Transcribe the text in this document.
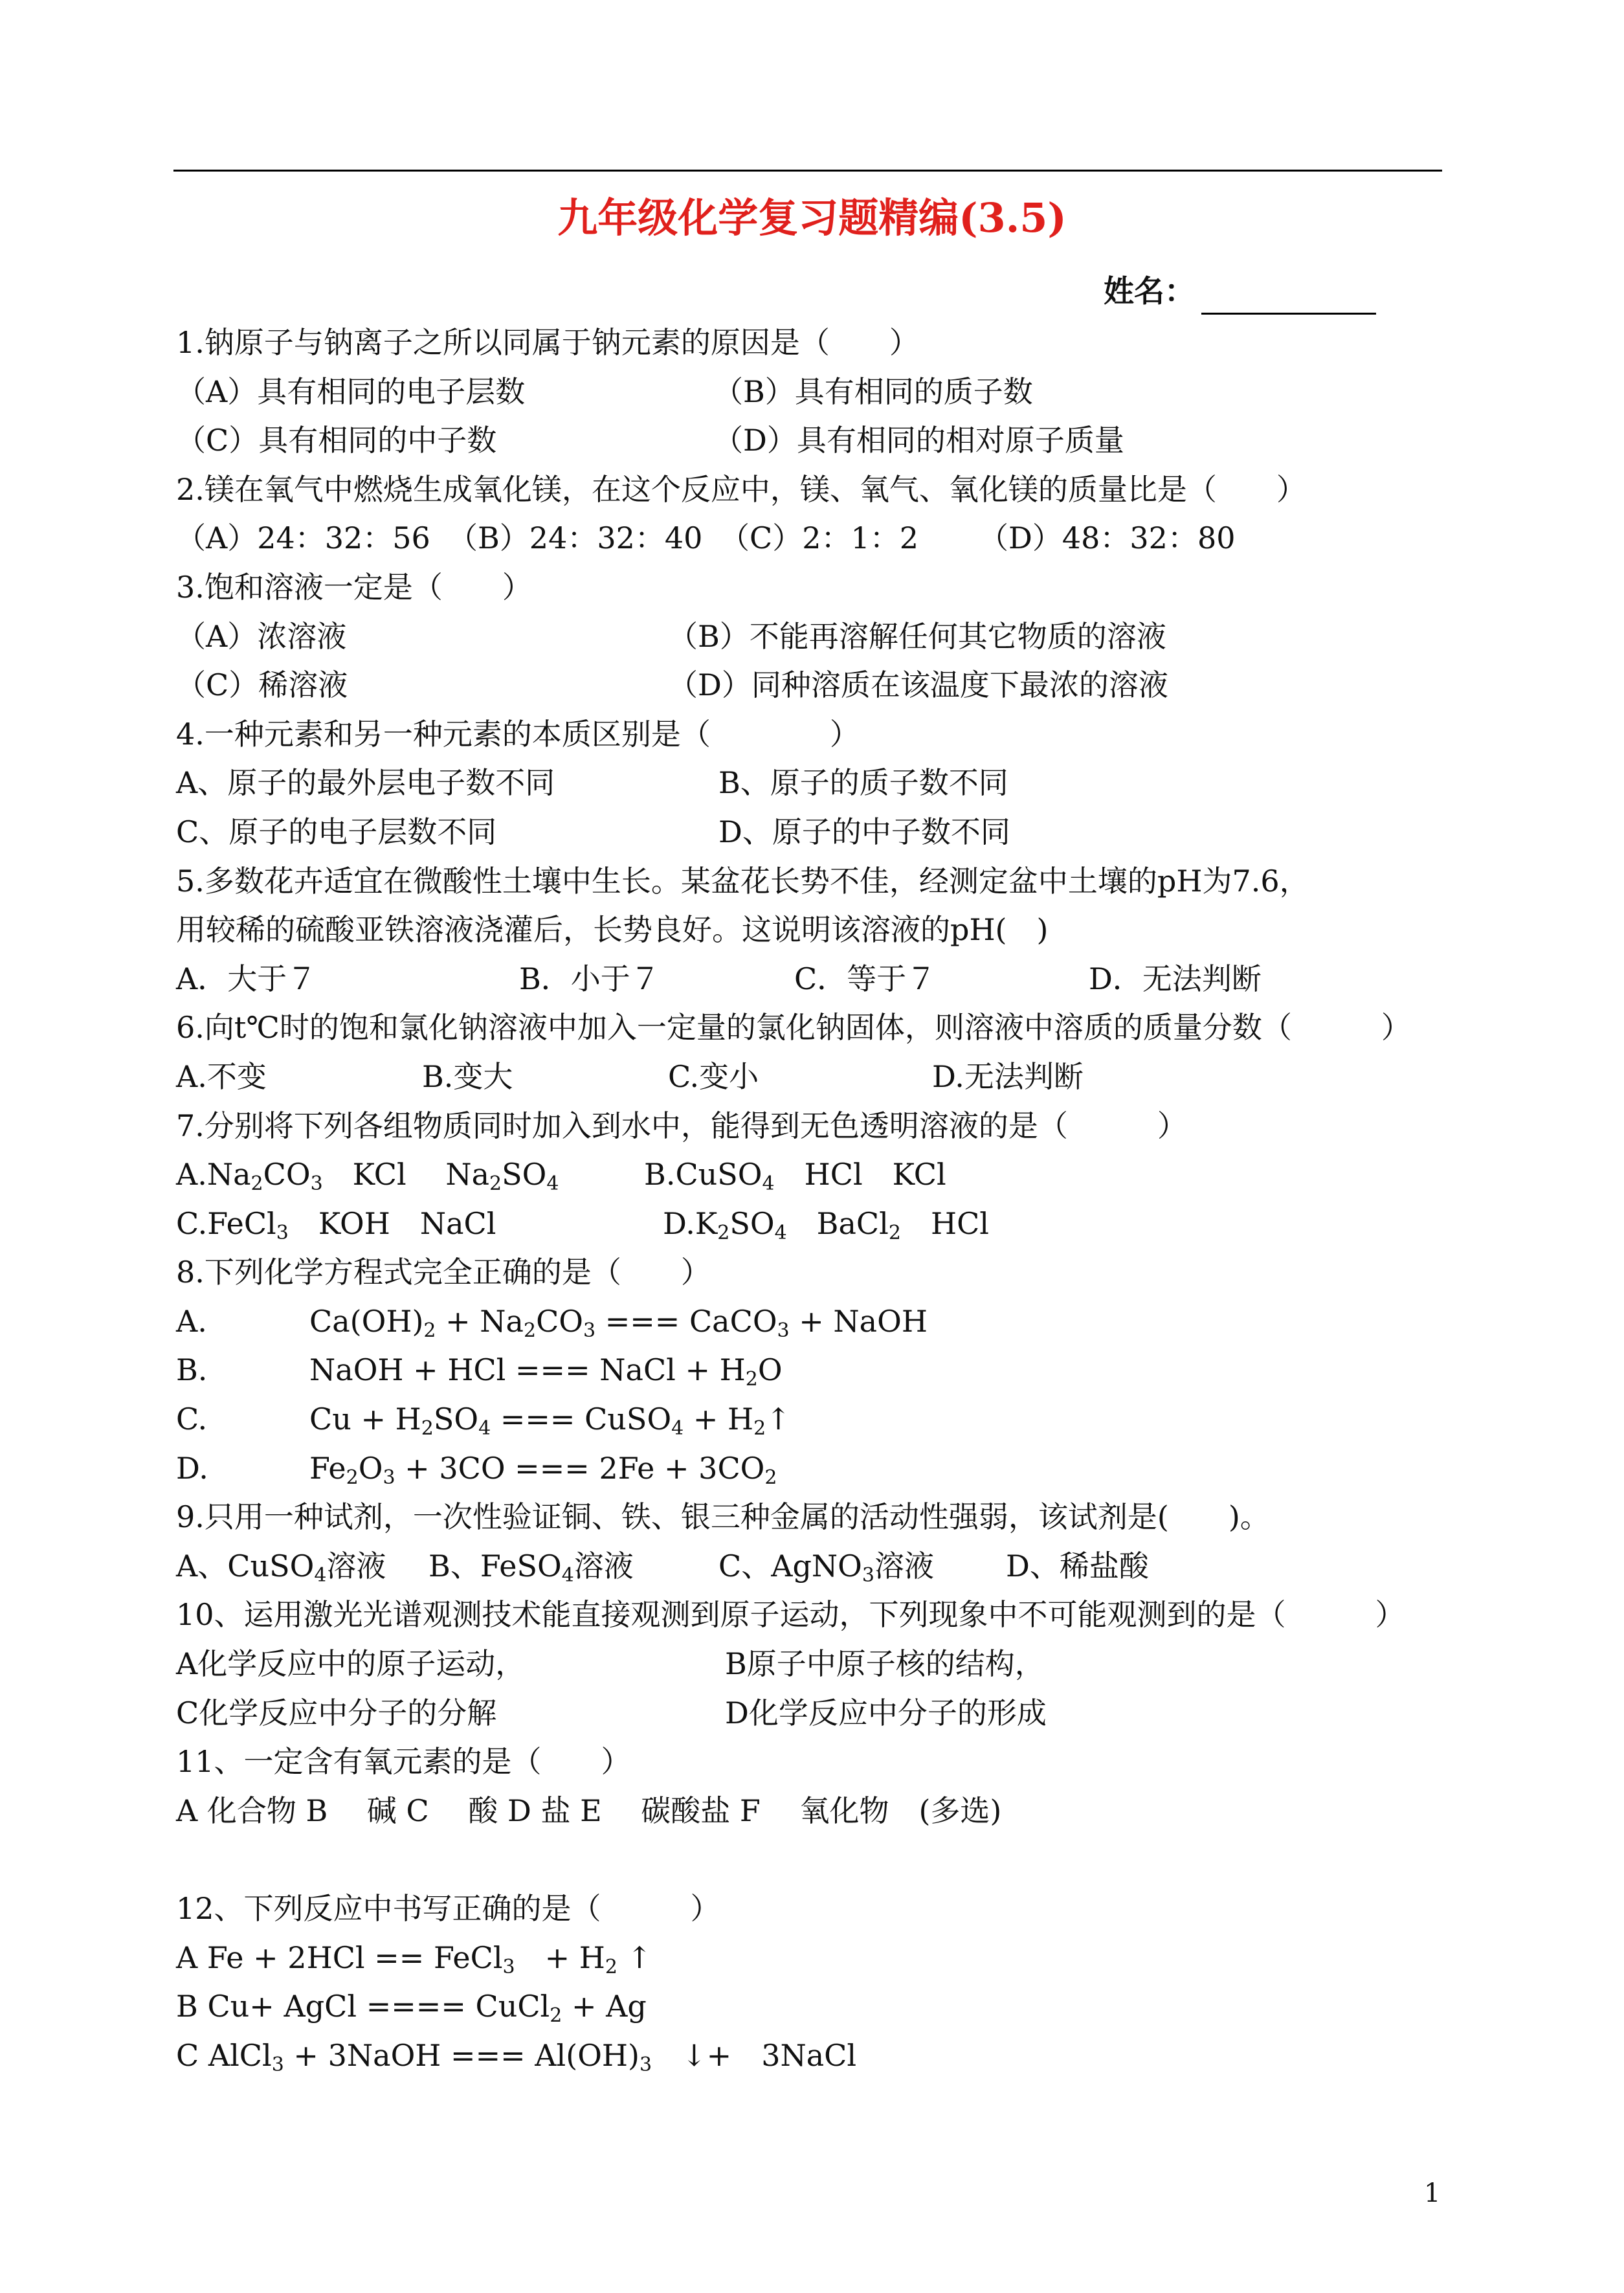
九年级化学复习题精编(3.5)
姓名：
1.钠原子与钠离子之所以同属于钠元素的原因是（　　）
（A）具有相同的电子层数	（B）具有相同的质子数
（C）具有相同的中子数	（D）具有相同的相对原子质量
2.镁在氧气中燃烧生成氧化镁，在这个反应中，镁、氧气、氧化镁的质量比是（　　）
（A）24：32：56 （B）24：32：40 （C）2：1：2 （D）48：32：80
3.饱和溶液一定是（　　）
（A）浓溶液	（B）不能再溶解任何其它物质的溶液
（C）稀溶液	（D）同种溶质在该温度下最浓的溶液
4.一种元素和另一种元素的本质区别是（　　　　）
A、原子的最外层电子数不同	B、原子的质子数不同
C、原子的电子层数不同	D、原子的中子数不同
5.多数花卉适宜在微酸性土壤中生长。某盆花长势不佳，经测定盆中土壤的pH为7.6，
用较稀的硫酸亚铁溶液浇灌后，长势良好。这说明该溶液的pH(　)
A．大于７	B．小于７	C．等于７	D．无法判断
6.向t℃时的饱和氯化钠溶液中加入一定量的氯化钠固体，则溶液中溶质的质量分数（　　　）
A.不变	B.变大	C.变小	D.无法判断
7.分别将下列各组物质同时加入到水中，能得到无色透明溶液的是（　　　）
$A.Na_2CO_3$　 KCl　 $Na_2SO_4$	B.CuSO$_4$　 HCl　 KCl
C.FeCl$_3$　 KOH　 NaCl	$D.K_2SO_4$　 BaCl$_2$　 HCl
8.下列化学方程式完全正确的是（　　）
A.	$Ca(OH)_2 + Na_2CO_3$ === CaCO$_3$ + NaOH
B.	NaOH + HCl === NaCl + $H_2O$
C.	$Cu + H_2SO_4$ === CuSO$_4$ + $H_2↑$
D.	$Fe_2O_3 + 3CO$ === $2Fe + 3CO_2$
9.只用一种试剂，一次性验证铜、铁、银三种金属的活动性强弱，该试剂是(　　)。
A、CuSO$_4$溶液 B、FeSO$_4$溶液	C、AgNO$_3$溶液 D、稀盐酸
10、运用激光光谱观测技术能直接观测到原子运动，下列现象中不可能观测到的是（　　　）
A化学反应中的原子运动，	B原子中原子核的结构，
C化学反应中分子的分解	D化学反应中分子的形成
11、一定含有氧元素的是（　　）
A 化合物 B　 碱 C　 酸 D 盐 E　 碳酸盐 F　 氧化物　(多选)
12、下列反应中书写正确的是（　　　）
A Fe + 2HCl == FeCl$_3$　 + $H_2$ ↑
B Cu+ AgCl ==== CuCl$_2$ + Ag
C AlCl$_3$ + 3NaOH === $Al(OH)_3$　 ↓+　 3NaCl
1
